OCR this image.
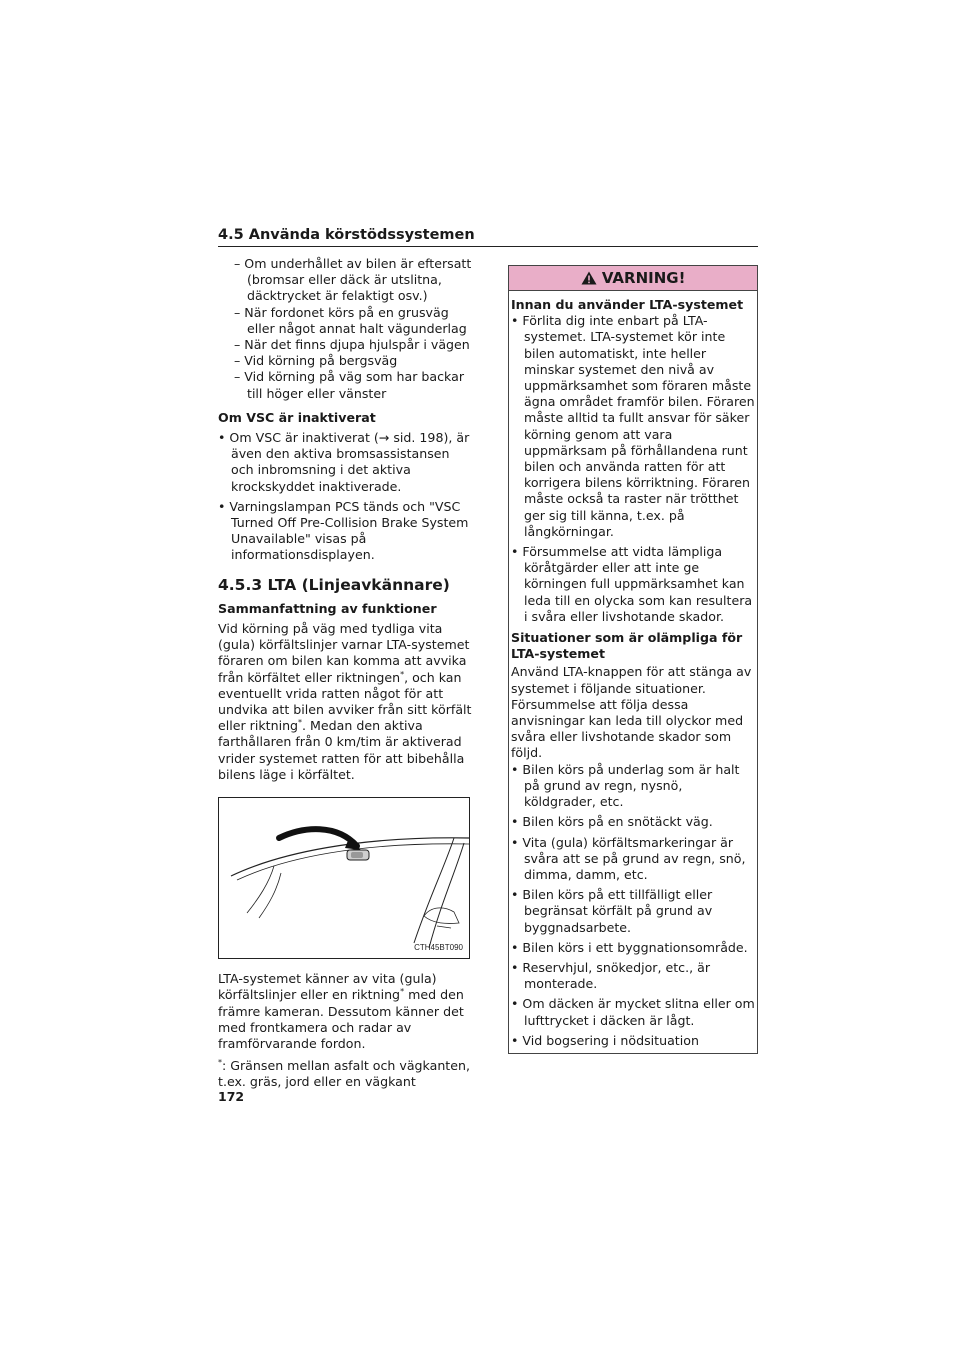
4.5 Använda körstödssystemen

– Om underhållet av bilen är eftersatt (bromsar eller däck är utslitna, däcktrycket är felaktigt osv.)

– När fordonet körs på en grusväg eller något annat halt vägunderlag

– När det finns djupa hjulspår i vägen

– Vid körning på bergsväg

– Vid körning på väg som har backar till höger eller vänster

Om VSC är inaktiverat

• Om VSC är inaktiverat (→ sid. 198), är även den aktiva bromsassistansen och inbromsning i det aktiva krockskyddet inaktiverade.

• Varningslampan PCS tänds och "VSC Turned Off Pre-Collision Brake System Unavailable" visas på informationsdisplayen.

4.5.3 LTA (Linjeavkännare)

Sammanfattning av funktioner

Vid körning på väg med tydliga vita (gula) körfältslinjer varnar LTA-systemet föraren om bilen kan komma att avvika från körfältet eller riktningen*, och kan eventuellt vrida ratten något för att undvika att bilen avviker från sitt körfält eller riktning*. Medan den aktiva farthållaren från 0 km/tim är aktiverad vrider systemet ratten för att bibehålla bilens läge i körfältet.

CTH45BT090

LTA-systemet känner av vita (gula) körfältslinjer eller en riktning* med den främre kameran. Dessutom känner det med frontkamera och radar av framförvarande fordon.

*: Gränsen mellan asfalt och vägkanten, t.ex. gräs, jord eller en vägkant

VARNING!

Innan du använder LTA-systemet

• Förlita dig inte enbart på LTA-systemet. LTA-systemet kör inte bilen automatiskt, inte heller minskar systemet den nivå av uppmärksamhet som föraren måste ägna området framför bilen. Föraren måste alltid ta fullt ansvar för säker körning genom att vara uppmärksam på förhållandena runt bilen och använda ratten för att korrigera bilens körriktning. Föraren måste också ta raster när trötthet ger sig till känna, t.ex. på långkörningar.

• Försummelse att vidta lämpliga köråtgärder eller att inte ge körningen full uppmärksamhet kan leda till en olycka som kan resultera i svåra eller livshotande skador.

Situationer som är olämpliga för LTA-systemet

Använd LTA-knappen för att stänga av systemet i följande situationer. Försummelse att följa dessa anvisningar kan leda till olyckor med svåra eller livshotande skador som följd.

• Bilen körs på underlag som är halt på grund av regn, nysnö, köldgrader, etc.

• Bilen körs på en snötäckt väg.

• Vita (gula) körfältsmarkeringar är svåra att se på grund av regn, snö, dimma, damm, etc.

• Bilen körs på ett tillfälligt eller begränsat körfält på grund av byggnadsarbete.

• Bilen körs i ett byggnationsområde.

• Reservhjul, snökedjor, etc., är monterade.

• Om däcken är mycket slitna eller om lufttrycket i däcken är lågt.

• Vid bogsering i nödsituation

172
